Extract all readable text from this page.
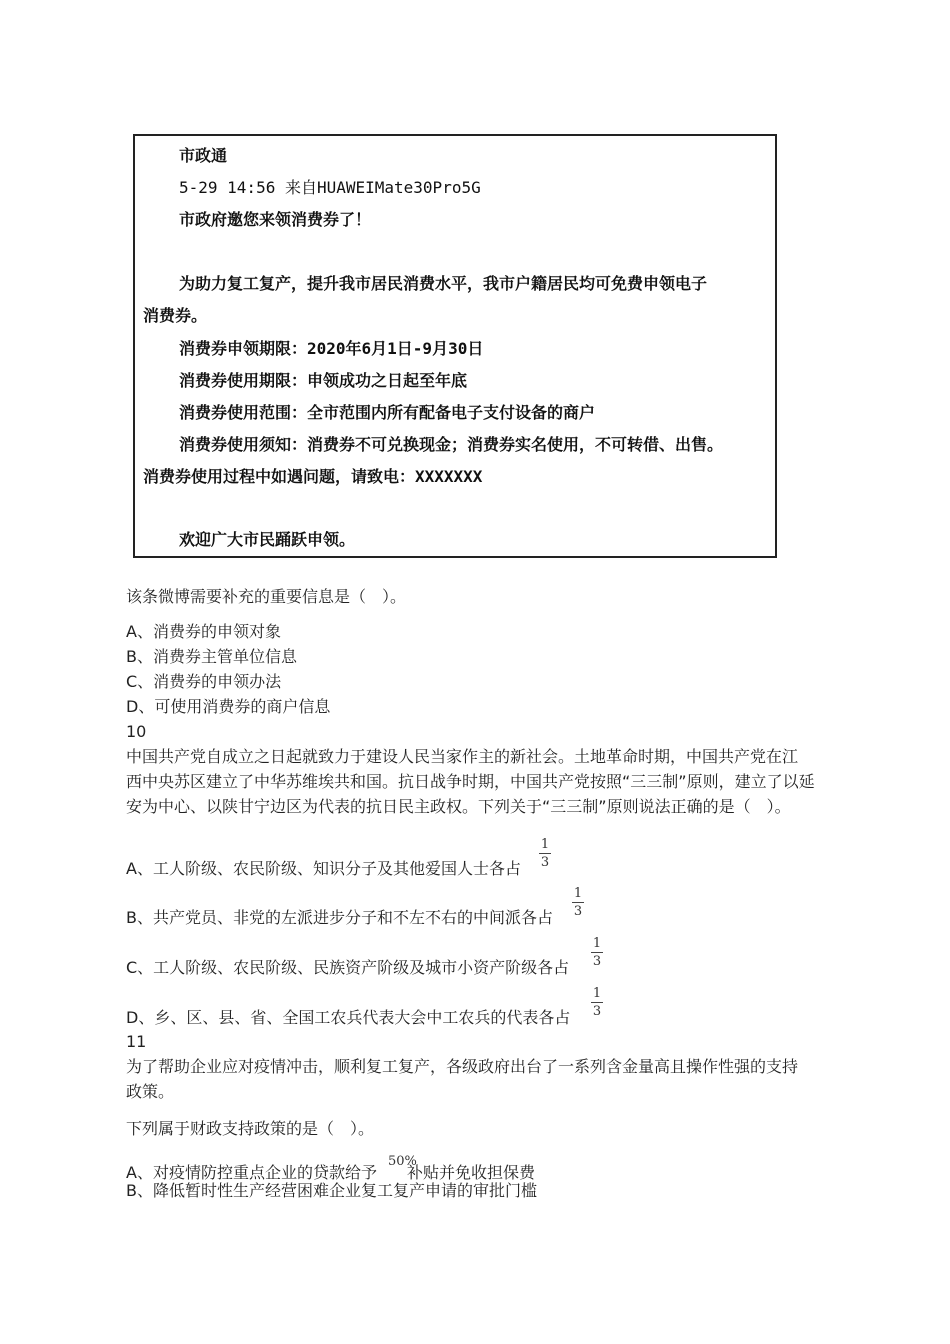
市政通
5-29 14:56 来自HUAWEIMate30Pro5G
市政府邀您来领消费券了！
为助力复工复产，提升我市居民消费水平，我市户籍居民均可免费申领电子
消费券。
消费券申领期限：2020年6月1日-9月30日
消费券使用期限：申领成功之日起至年底
消费券使用范围：全市范围内所有配备电子支付设备的商户
消费券使用须知：消费券不可兑换现金；消费券实名使用，不可转借、出售。
消费券使用过程中如遇问题，请致电：XXXXXXX
欢迎广大市民踊跃申领。
该条微博需要补充的重要信息是（　）。
A、消费券的申领对象
B、消费券主管单位信息
C、消费券的申领办法
D、可使用消费券的商户信息
10
中国共产党自成立之日起就致力于建设人民当家作主的新社会。土地革命时期，中国共产党在江
西中央苏区建立了中华苏维埃共和国。抗日战争时期，中国共产党按照“三三制”原则，建立了以延
安为中心、以陕甘宁边区为代表的抗日民主政权。下列关于“三三制”原则说法正确的是（　）。
A、工人阶级、农民阶级、知识分子及其他爱国人士各占
1
3
B、共产党员、非党的左派进步分子和不左不右的中间派各占
1
3
C、工人阶级、农民阶级、民族资产阶级及城市小资产阶级各占
1
3
D、乡、区、县、省、全国工农兵代表大会中工农兵的代表各占
1
3
11
为了帮助企业应对疫情冲击，顺利复工复产，各级政府出台了一系列含金量高且操作性强的支持
政策。
下列属于财政支持政策的是（　）。
A、对疫情防控重点企业的贷款给予 补贴并免收担保费
50%
B、降低暂时性生产经营困难企业复工复产申请的审批门槛
